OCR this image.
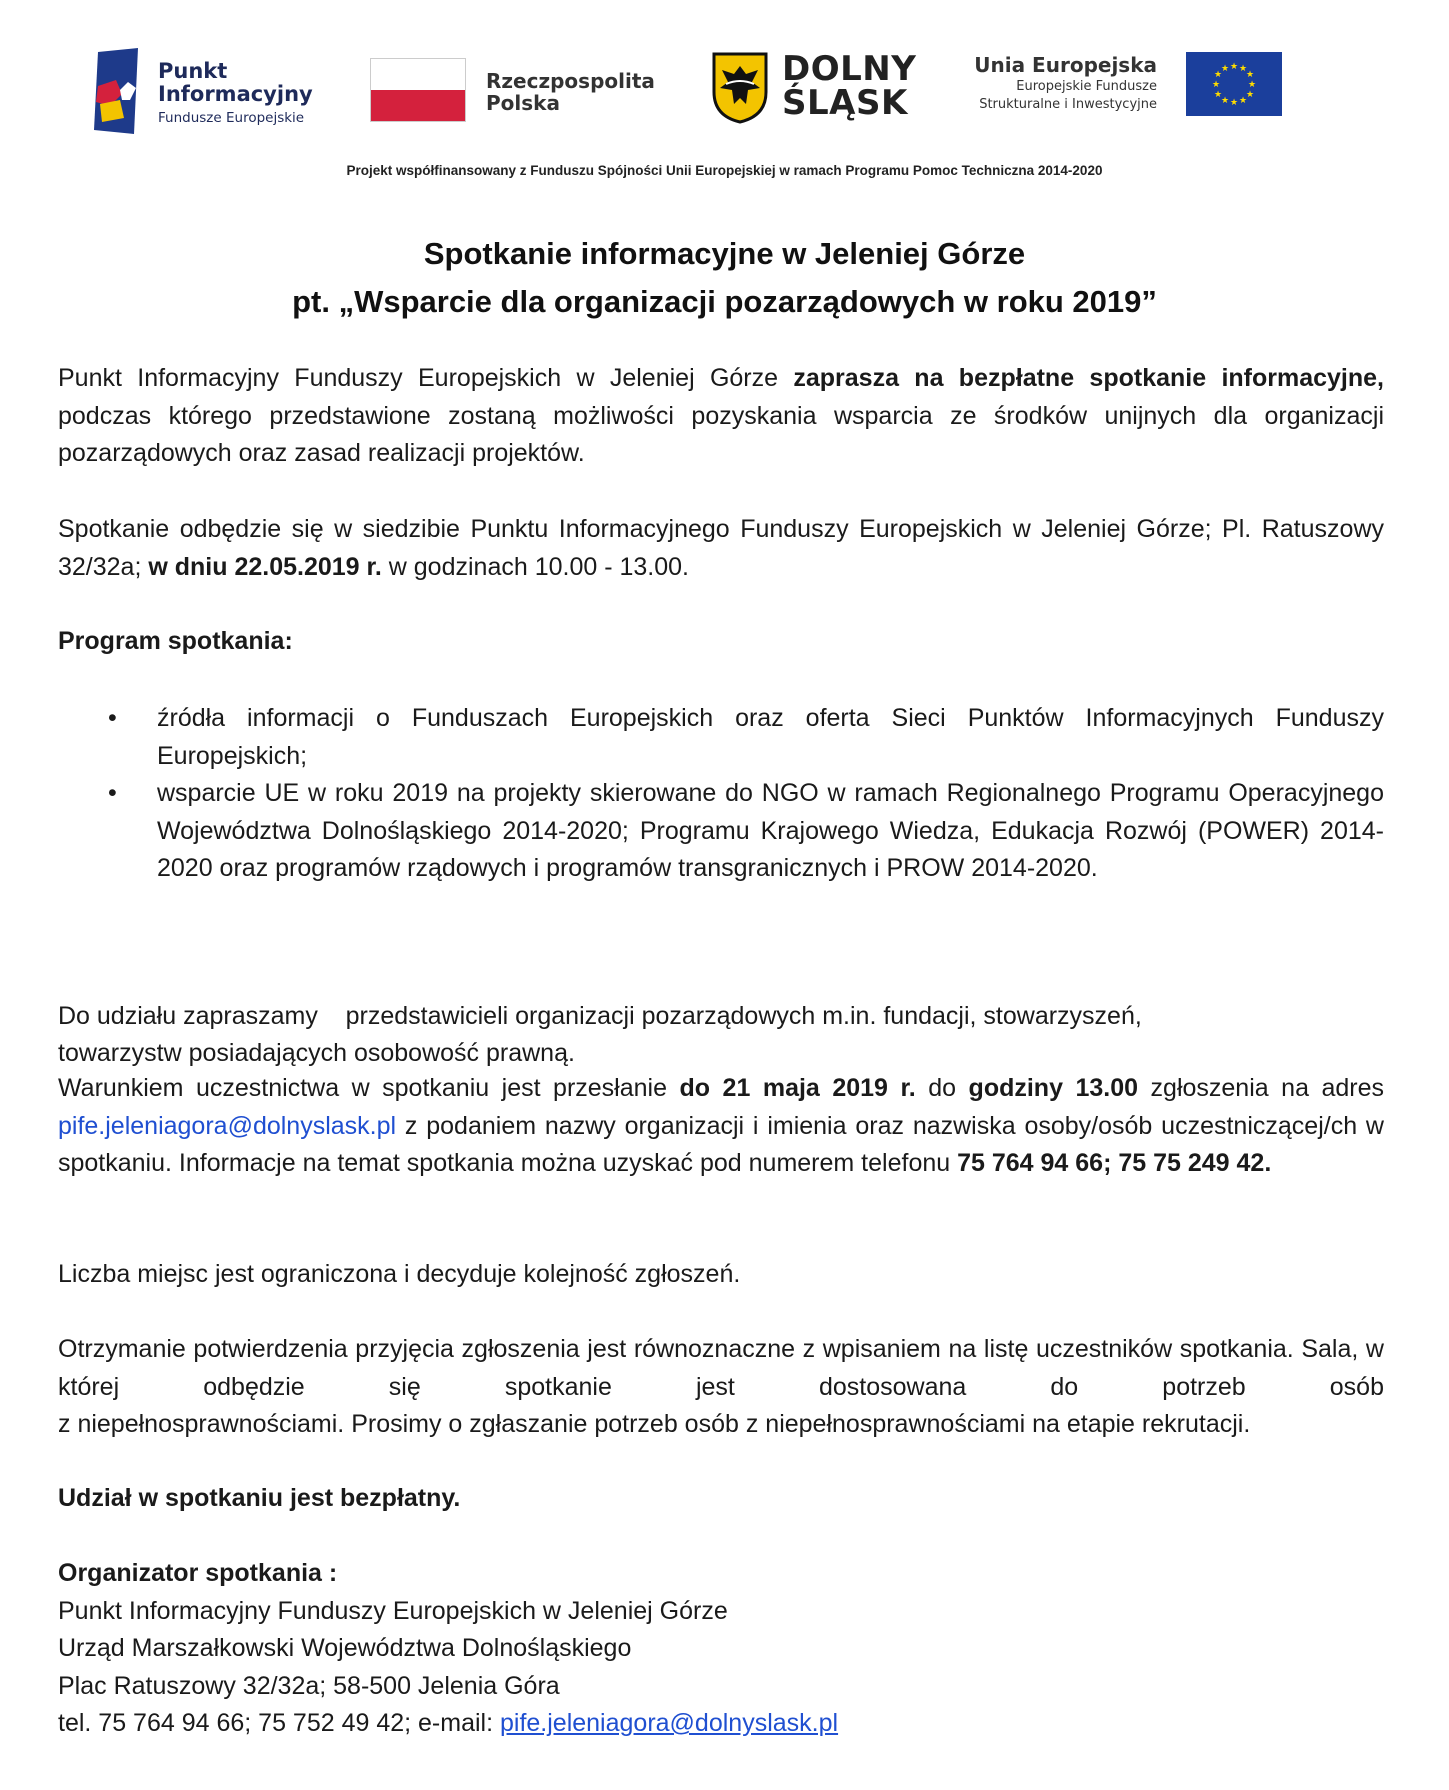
Punkt
Informacyjny
Fundusze Europejskie
Rzeczpospolita
Polska
DOLNY
ŚLĄSK
Unia Europejska
Europejskie Fundusze
Strukturalne i Inwestycyjne
★ ★
★
★
★
★
★
★
★
★
★
★
Projekt współfinansowany z Funduszu Spójności Unii Europejskiej w ramach Programu Pomoc Techniczna 2014-2020
Spotkanie informacyjne w Jeleniej Górze
pt. „Wsparcie dla organizacji pozarządowych w roku 2019”
Punkt Informacyjny Funduszy Europejskich w Jeleniej Górze zaprasza na bezpłatne spotkanie informacyjne, podczas którego przedstawione zostaną możliwości pozyskania wsparcia ze środków unijnych dla organizacji pozarządowych oraz zasad realizacji projektów.
Spotkanie odbędzie się w siedzibie Punktu Informacyjnego Funduszy Europejskich w Jeleniej Górze; Pl. Ratuszowy 32/32a; w dniu 22.05.2019 r. w godzinach 10.00 - 13.00.
Program spotkania:
• źródła informacji o Funduszach Europejskich oraz oferta Sieci Punktów Informacyjnych Funduszy Europejskich;
• wsparcie UE w roku 2019 na projekty skierowane do NGO w ramach Regionalnego Programu Operacyjnego Województwa Dolnośląskiego 2014-2020; Programu Krajowego Wiedza, Edukacja Rozwój (POWER) 2014-2020 oraz programów rządowych i programów transgranicznych i PROW 2014-2020.

Do udziału zapraszamy    przedstawicieli organizacji pozarządowych m.in. fundacji, stowarzyszeń,
towarzystw posiadających osobowość prawną.
Warunkiem uczestnictwa w spotkaniu jest przesłanie do 21 maja 2019 r. do godziny 13.00 zgłoszenia na adres pife.jeleniagora@dolnyslask.pl z podaniem nazwy organizacji i imienia oraz nazwiska osoby/osób uczestniczącej/ch w spotkaniu. Informacje na temat spotkania można uzyskać pod numerem telefonu 75 764 94 66; 75 75 249 42.
Liczba miejsc jest ograniczona i decyduje kolejność zgłoszeń.
Otrzymanie potwierdzenia przyjęcia zgłoszenia jest równoznaczne z wpisaniem na listę uczestników spotkania. Sala, w której odbędzie się spotkanie jest dostosowana do potrzeb osób
z niepełnosprawnościami. Prosimy o zgłaszanie potrzeb osób z niepełnosprawnościami na etapie rekrutacji.
Udział w spotkaniu jest bezpłatny.
Organizator spotkania :
Punkt Informacyjny Funduszy Europejskich w Jeleniej Górze
Urząd Marszałkowski Województwa Dolnośląskiego
Plac Ratuszowy 32/32a; 58-500 Jelenia Góra
tel. 75 764 94 66; 75 752 49 42; e-mail: pife.jeleniagora@dolnyslask.pl
